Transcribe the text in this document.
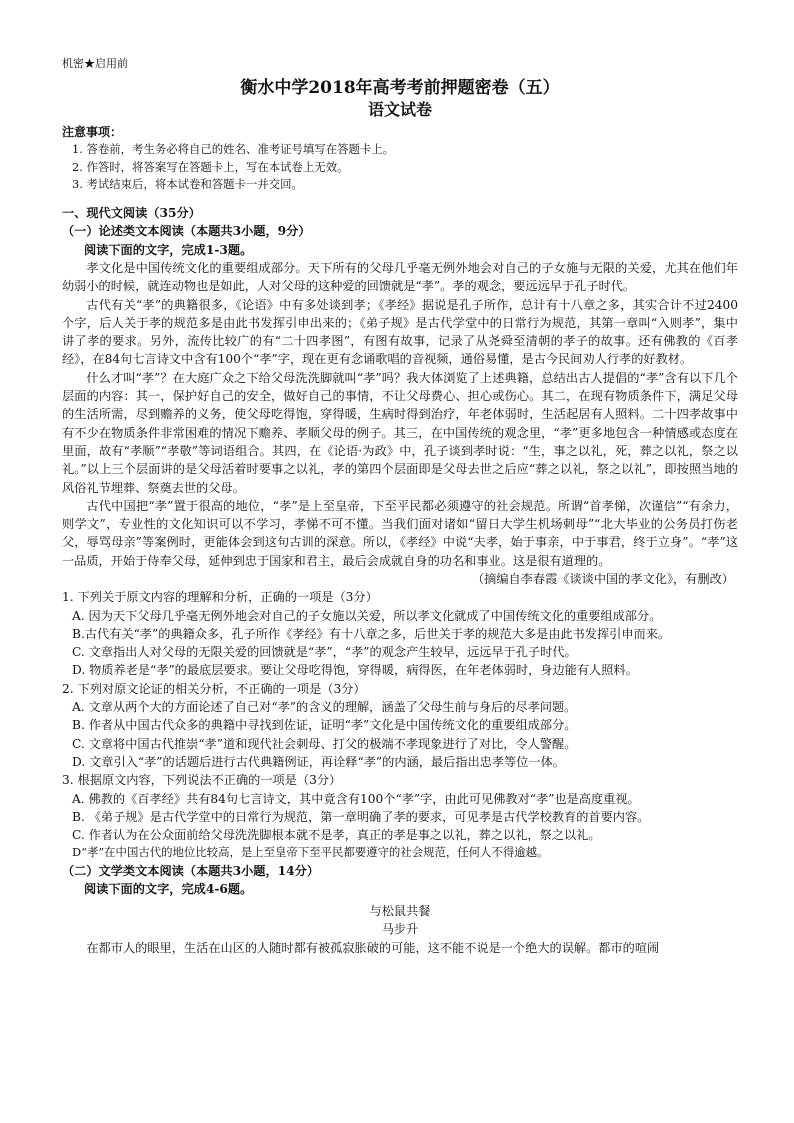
机密★启用前
衡水中学2018年高考考前押题密卷（五）
语文试卷
注意事项：
1. 答卷前，考生务必将自己的姓名、准考证号填写在答题卡上。
2. 作答时，将答案写在答题卡上，写在本试卷上无效。
3. 考试结束后，将本试卷和答题卡一并交回。
一、现代文阅读（35分）
（一）论述类文本阅读（本题共3小题，9分）
阅读下面的文字，完成1-3题。
孝文化是中国传统文化的重要组成部分。天下所有的父母几乎毫无例外地会对自己的子女施与无限的关爱，尤其在他们年幼弱小的时候，就连动物也是如此，人对父母的这种爱的回馈就是“孝”。孝的观念，要远远早于孔子时代。
古代有关“孝”的典籍很多，《论语》中有多处谈到孝；《孝经》据说是孔子所作，总计有十八章之多，其实合计不过2400个字，后人关于孝的规范多是由此书发挥引申出来的；《弟子规》是古代学堂中的日常行为规范，其第一章叫“入则孝”，集中讲了孝的要求。另外，流传比较广的有“二十四孝图”，有图有故事，记录了从尧舜至清朝的孝子的故事。还有佛教的《百孝经》，在84句七言诗文中含有100个“孝”字，现在更有念诵歌唱的音视频，通俗易懂，是古今民间劝人行孝的好教材。
什么才叫“孝”？在大庭广众之下给父母洗洗脚就叫“孝”吗？我大体浏览了上述典籍，总结出古人提倡的“孝”含有以下几个层面的内容：其一，保护好自己的安全，做好自己的事情，不让父母费心、担心或伤心。其二，在现有物质条件下，满足父母的生活所需，尽到赡养的义务，使父母吃得饱，穿得暖，生病时得到治疗，年老体弱时，生活起居有人照料。二十四孝故事中有不少在物质条件非常困难的情况下赡养、孝顺父母的例子。其三，在中国传统的观念里，“孝”更多地包含一种情感或态度在里面，故有“孝顺”“孝敬”等词语组合。其四，在《论语·为政》中，孔子谈到孝时说：“生，事之以礼，死，葬之以礼，祭之以礼。”以上三个层面讲的是父母活着时要事之以礼，孝的第四个层面即是父母去世之后应“葬之以礼，祭之以礼”，即按照当地的风俗礼节埋葬、祭奠去世的父母。
古代中国把“孝”置于很高的地位，“孝”是上至皇帝，下至平民都必须遵守的社会规范。所谓“首孝悌，次谨信”“有余力，则学文”，专业性的文化知识可以不学习，孝悌不可不懂。当我们面对诸如“留日大学生机场刺母”“北大毕业的公务员打伤老父，辱骂母亲”等案例时，更能体会到这句古训的深意。所以，《孝经》中说“夫孝，始于事亲，中于事君，终于立身”。“孝”这一品质，开始于侍奉父母，延伸到忠于国家和君主，最后会成就自身的功名和事业。这是很有道理的。
（摘编自李春霞《谈谈中国的孝文化》，有删改）
1. 下列关于原文内容的理解和分析，正确的一项是（3分）
A. 因为天下父母几乎毫无例外地会对自己的子女施以关爱，所以孝文化就成了中国传统文化的重要组成部分。
B.古代有关“孝”的典籍众多，孔子所作《孝经》有十八章之多，后世关于孝的规范大多是由此书发挥引申而来。
C. 文章指出人对父母的无限关爱的回馈就是“孝”，“孝”的观念产生较早，远远早于孔子时代。
D. 物质养老是“孝”的最底层要求。要让父母吃得饱，穿得暖，病得医，在年老体弱时，身边能有人照料。
2. 下列对原文论证的相关分析，不正确的一项是（3分）
A. 文章从两个大的方面论述了自己对“孝”的含义的理解，涵盖了父母生前与身后的尽孝问题。
B. 作者从中国古代众多的典籍中寻找到佐证，证明“孝”文化是中国传统文化的重要组成部分。
C. 文章将中国古代推崇“孝”道和现代社会刺母、打父的极端不孝现象进行了对比，令人警醒。
D. 文章引入“孝”的话题后进行古代典籍例证，再诠释“孝”的内涵，最后指出忠孝等位一体。
3. 根据原文内容，下列说法不正确的一项是（3分）
A. 佛教的《百孝经》共有84句七言诗文，其中竟含有100个“孝”字，由此可见佛教对“孝”也是高度重视。
B. 《弟子规》是古代学堂中的日常行为规范，第一章明确了孝的要求，可见孝是古代学校教育的首要内容。
C. 作者认为在公众面前给父母洗洗脚根本就不是孝，真正的孝是事之以礼，葬之以礼，祭之以礼。
D“孝”在中国古代的地位比较高，是上至皇帝下至平民都要遵守的社会规范，任何人不得逾越。
（二）文学类文本阅读（本题共3小题，14分）
阅读下面的文字，完成4-6题。
与松鼠共餐
马步升
在都市人的眼里，生活在山区的人随时都有被孤寂胀破的可能，这不能不说是一个绝大的误解。都市的喧闹
